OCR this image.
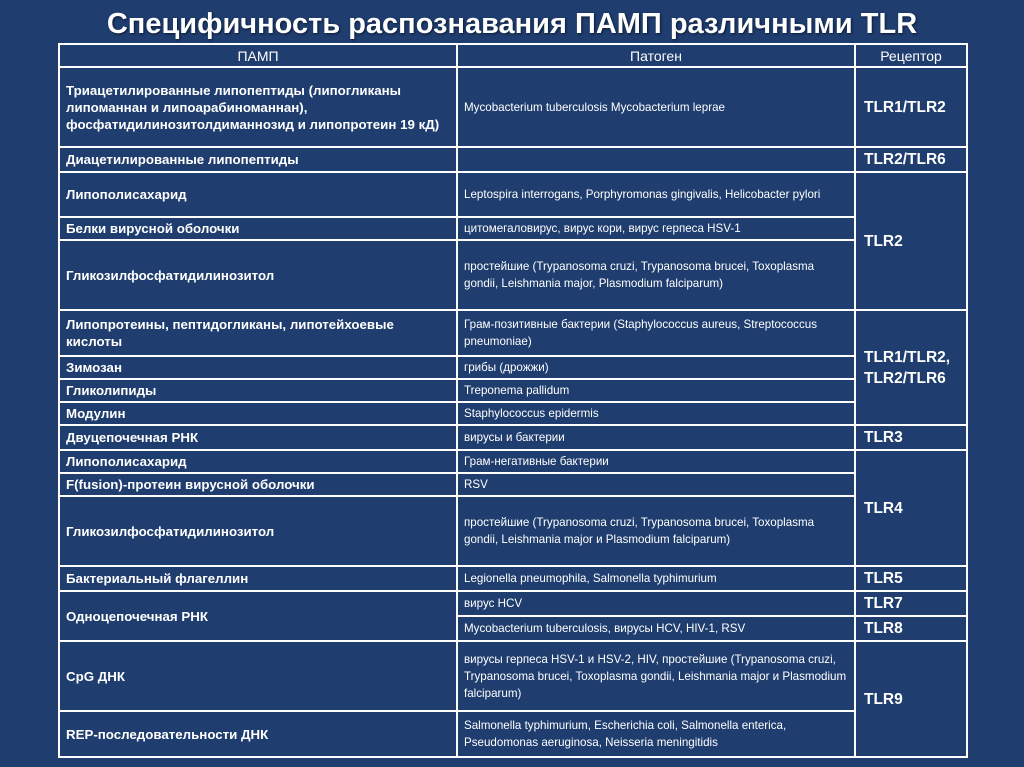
Специфичность распознавания ПАМП различными TLR
ПАМП	Патоген	Рецептор
Триацетилированные липопептиды (липогликаны липоманнан и липоарабиноманнан), фосфатидилинозитолдиманнозид и липопротеин 19 кД)	Mycobacterium tuberculosis Mycobacterium leprae	TLR1/TLR2
Диацетилированные липопептиды		TLR2/TLR6
Липополисахарид	Leptospira interrogans, Porphyromonas gingivalis, Helicobacter pylori	TLR2
Белки вирусной оболочки	цитомегаловирус, вирус кори, вирус герпеса HSV-1	
Гликозилфосфатидилинозитол	простейшие (Trypanosoma cruzi, Trypanosoma brucei, Toxoplasma gondii, Leishmania major, Plasmodium falciparum)	
Липопротеины, пептидогликаны, липотейхоевые кислоты	Грам-позитивные бактерии (Staphylococcus aureus, Streptococcus pneumoniae)	TLR1/TLR2, TLR2/TLR6
Зимозан	грибы (дрожжи)	
Гликолипиды	Treponema pallidum	
Модулин	Staphylococcus epidermis	
Двуцепочечная РНК	вирусы и бактерии	TLR3
Липополисахарид	Грам-негативные бактерии	TLR4
F(fusion)-протеин вирусной оболочки	RSV	
Гликозилфосфатидилинозитол	простейшие (Trypanosoma cruzi, Trypanosoma brucei, Toxoplasma gondii, Leishmania major и Plasmodium falciparum)	
Бактериальный флагеллин	Legionella pneumophila, Salmonella typhimurium	TLR5
Одноцепочечная РНК	вирус HCV	TLR7
	Mycobacterium tuberculosis, вирусы HCV, HIV-1, RSV	TLR8
CpG ДНК	вирусы герпеса HSV-1 и HSV-2, HIV, простейшие (Trypanosoma cruzi, Trypanosoma brucei, Toxoplasma gondii, Leishmania major и Plasmodium falciparum)	TLR9
REP-последовательности ДНК	Salmonella typhimurium, Escherichia coli, Salmonella enterica, Pseudomonas aeruginosa, Neisseria meningitidis	
